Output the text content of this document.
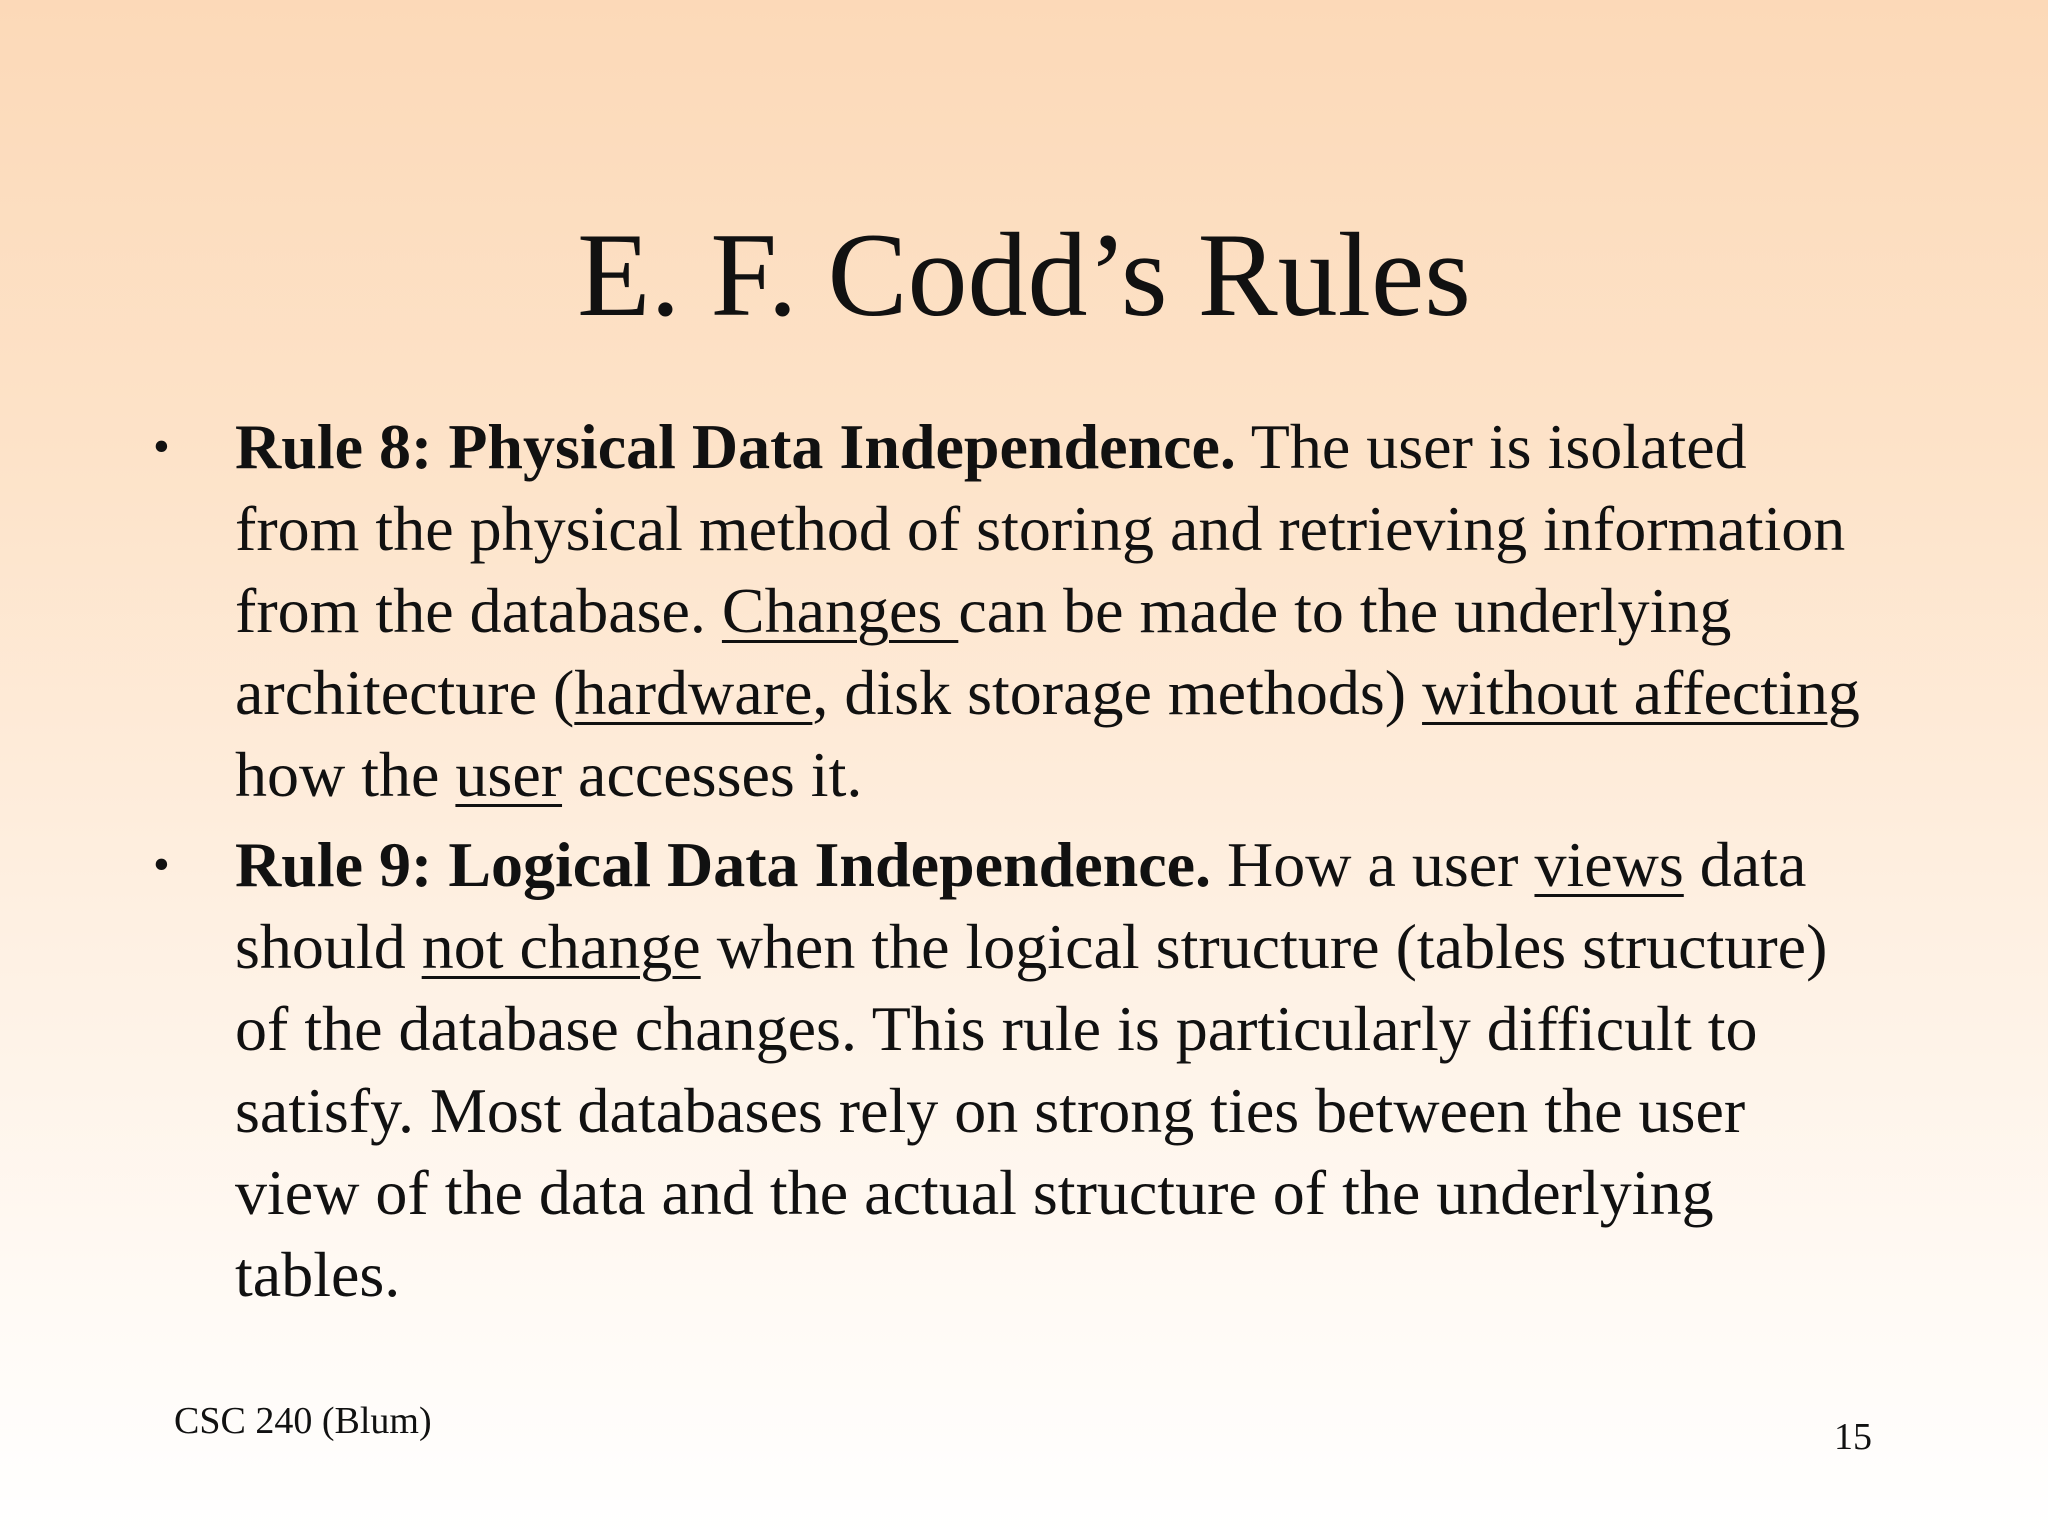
E. F. Codd’s Rules
• Rule 8: Physical Data Independence. The user is isolated from the physical method of storing and retrieving information from the database. Changes can be made to the underlying architecture (hardware, disk storage methods) without affecting how the user accesses it.
• Rule 9: Logical Data Independence. How a user views data should not change when the logical structure (tables structure) of the database changes. This rule is particularly difficult to satisfy. Most databases rely on strong ties between the user view of the data and the actual structure of the underlying tables.
CSC 240 (Blum)	15
